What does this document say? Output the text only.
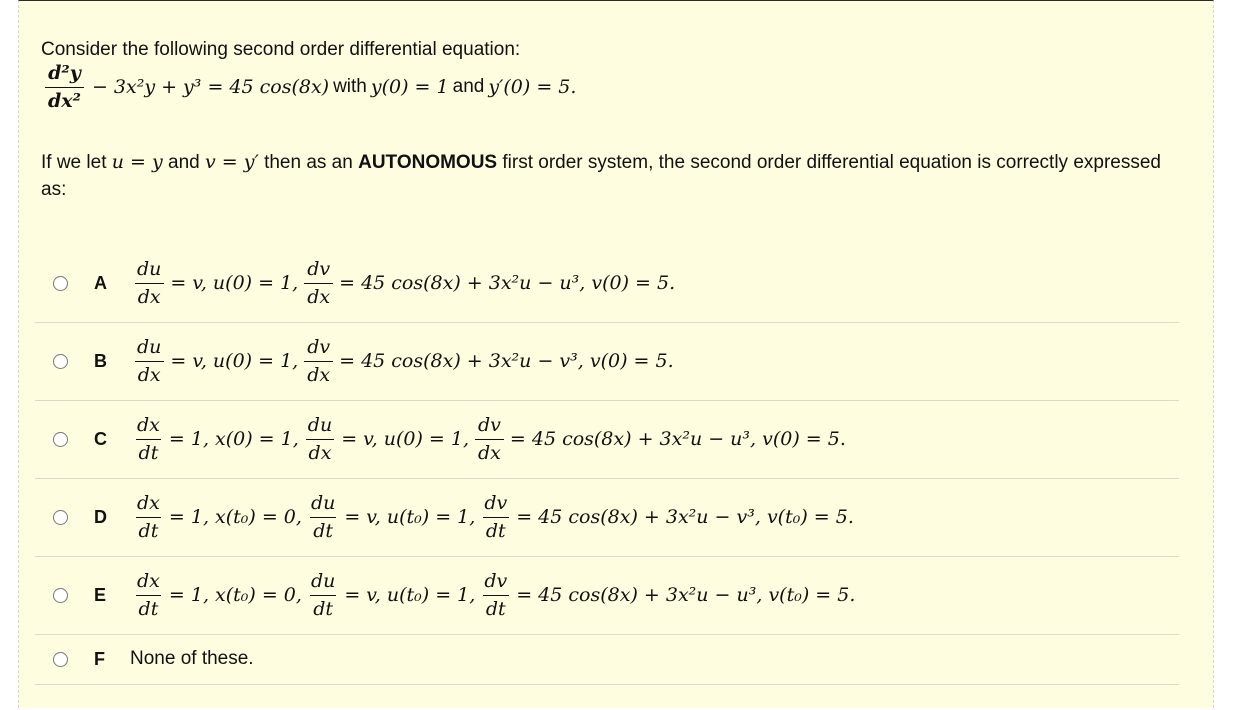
Consider the following second order differential equation:
$\frac{\text{d²y}}{\text{dx²}} - 3x^2y + y^3 = 45$ cos(8x) with y(0) = 1 and y′(0) = 5.
If we let u = y and v = y′ then as an AUTONOMOUS first order system, the second order differential equation is correctly expressed as:
A	$\frac{du}{dx} = v$, u(0) = 1, $\frac{dv}{dx} = 45$ cos(8x) + 3x²u − u³, v(0) = 5.
B	$\frac{du}{dx} = v$, u(0) = 1, $\frac{dv}{dx} = 45$ cos(8x) + 3x²u − v³, v(0) = 5.
C	$\frac{dx}{dt} = 1$, x(0) = 1, $\frac{du}{dx} = v$, u(0) = 1, $\frac{dv}{dx} = 45$ cos(8x) + 3x²u − u³, v(0) = 5.
D	$\frac{dx}{dt} = 1$, x(t₀) = 0, $\frac{du}{dt} = v$, u(t₀) = 1, $\frac{dv}{dt} = 45$ cos(8x) + 3x²u − v³, v(t₀) = 5.
E	$\frac{dx}{dt} = 1$, x(t₀) = 0, $\frac{du}{dt} = v$, u(t₀) = 1, $\frac{dv}{dt} = 45$ cos(8x) + 3x²u − u³, v(t₀) = 5.
F	None of these.
